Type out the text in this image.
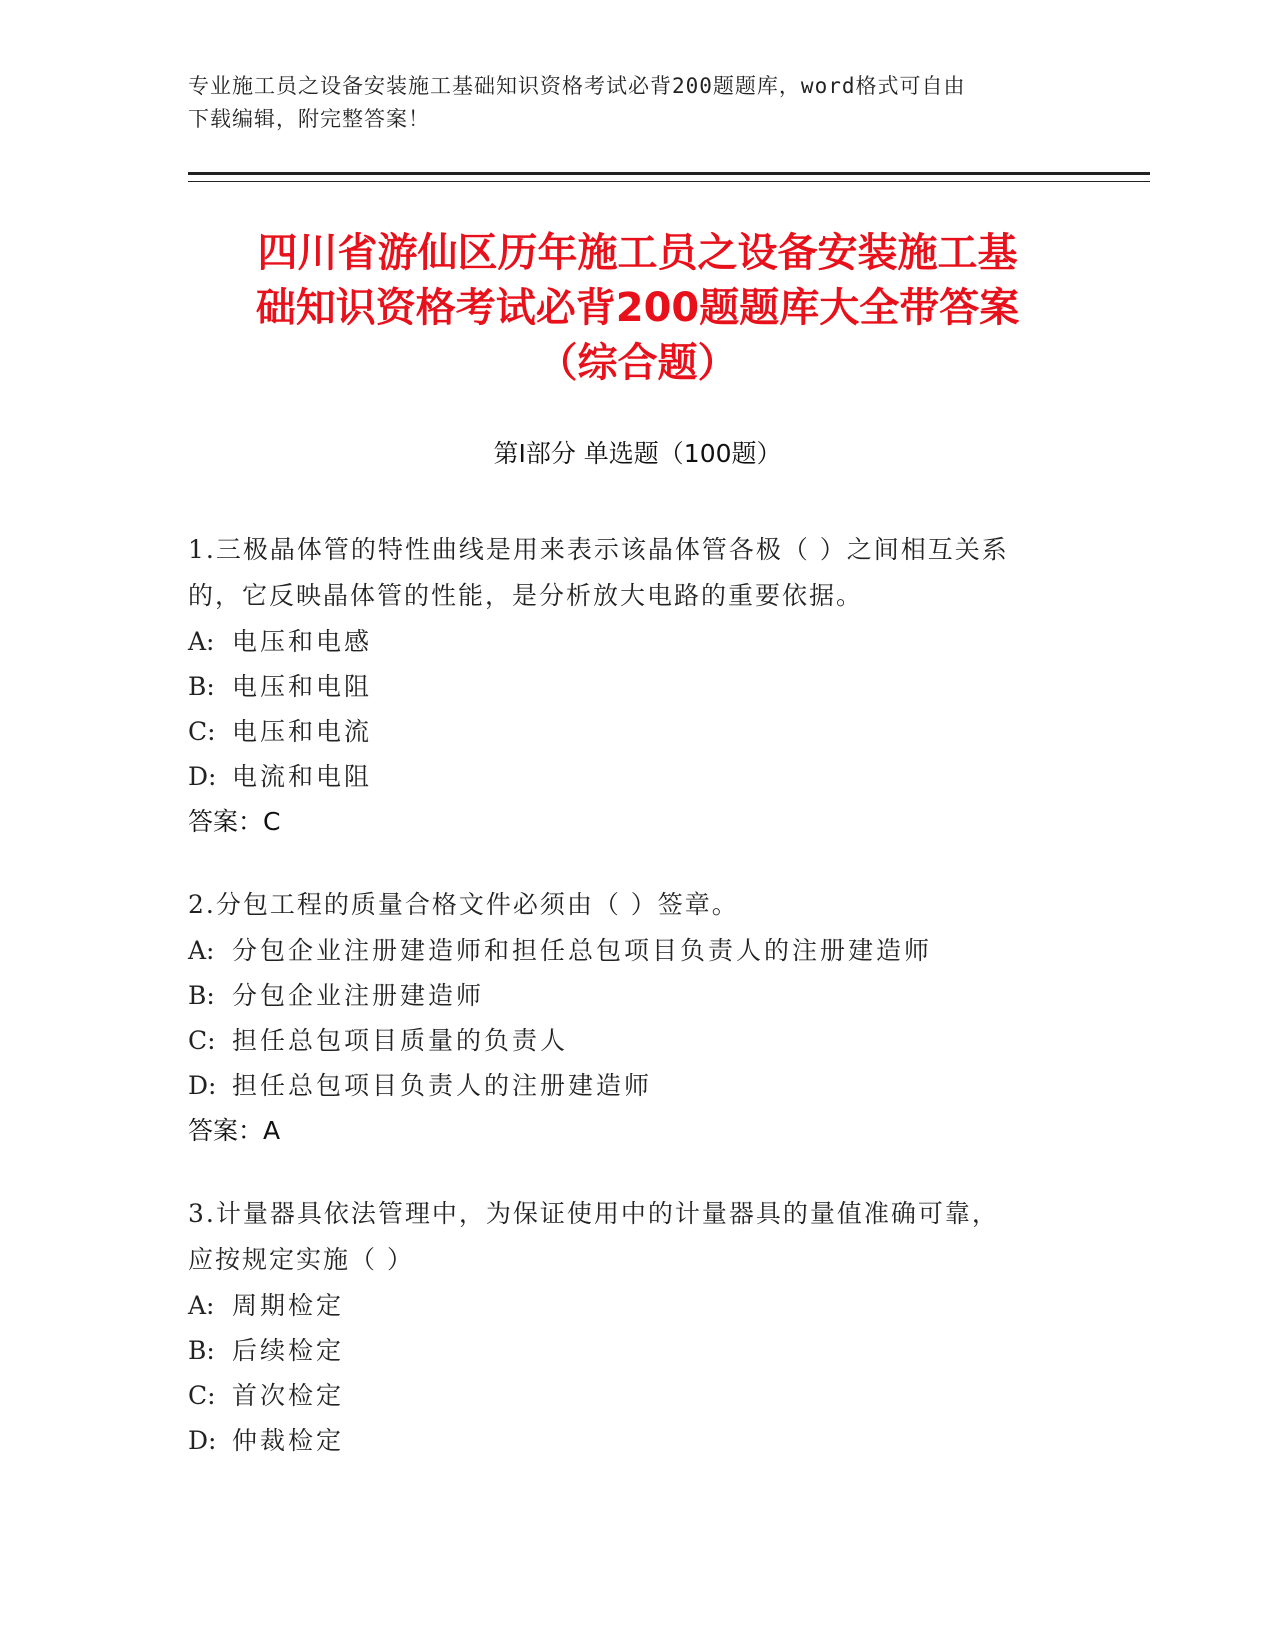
专业施工员之设备安装施工基础知识资格考试必背200题题库，word格式可自由
下载编辑，附完整答案！
四川省游仙区历年施工员之设备安装施工基
础知识资格考试必背200题题库大全带答案
（综合题）
第Ⅰ部分 单选题（100题）
1.三极晶体管的特性曲线是用来表示该晶体管各极（ ）之间相互关系
的，它反映晶体管的性能，是分析放大电路的重要依据。
A: 电压和电感
B: 电压和电阻
C: 电压和电流
D: 电流和电阻
答案：C
2.分包工程的质量合格文件必须由（ ）签章。
A: 分包企业注册建造师和担任总包项目负责人的注册建造师
B: 分包企业注册建造师
C: 担任总包项目质量的负责人
D: 担任总包项目负责人的注册建造师
答案：A
3.计量器具依法管理中，为保证使用中的计量器具的量值准确可靠，
应按规定实施（ ）
A: 周期检定
B: 后续检定
C: 首次检定
D: 仲裁检定
